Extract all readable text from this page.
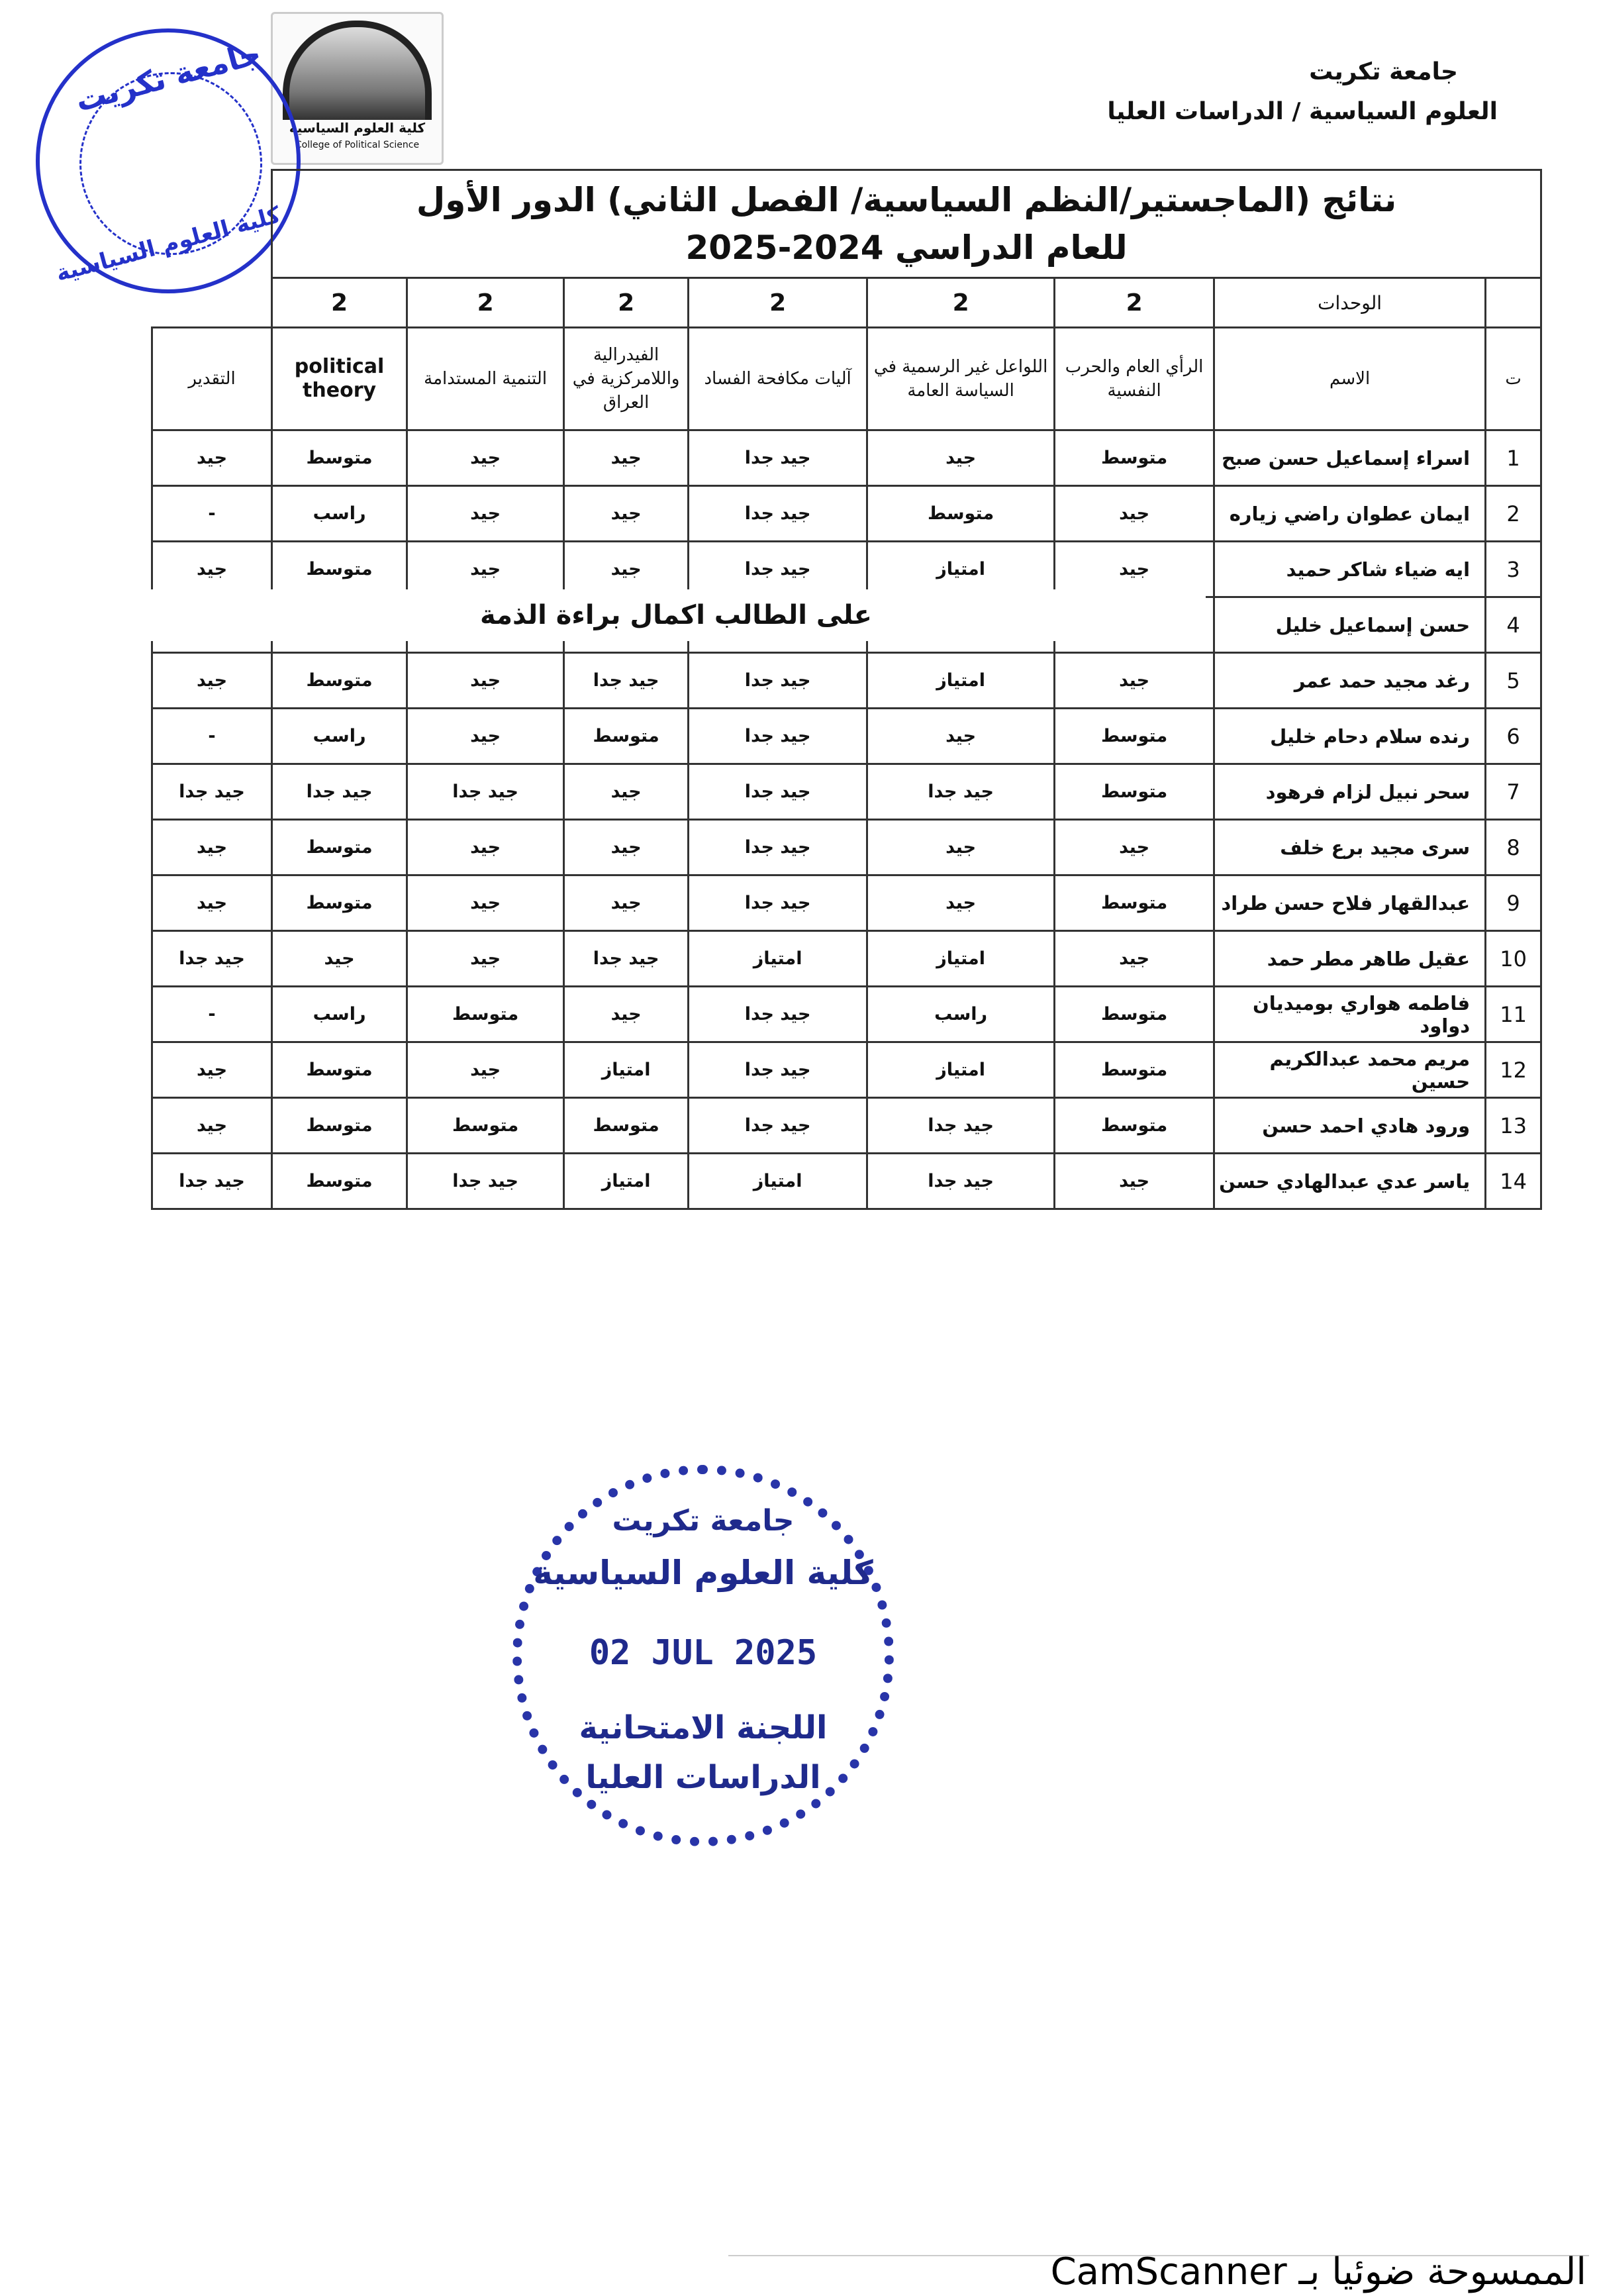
جامعة تكريت
العلوم السياسية / الدراسات العليا
كلية العلوم السياسية
College of Political Science
جامعة تكريت
كلية العلوم السياسية
نتائج (الماجستير/النظم السياسية/ الفصل الثاني) الدور الأول
للعام الدراسي 2024-2025								

	الوحدات	2	2	2	2	2	2	
ت	الاسم	الرأي العام والحرب النفسية	اللواعل غير الرسمية في السياسة العامة	آليات مكافحة الفساد	الفيدرالية واللامركزية في العراق	التنمية المستدامة	political theory	التقدير
1	اسراء إسماعيل حسن صبح	متوسط	جيد	جيد جدا	جيد	جيد	متوسط	جيد
2	ايمان عطوان راضي زياره	جيد	متوسط	جيد جدا	جيد	جيد	راسب	-
3	ايه ضياء شاكر حميد	جيد	امتياز	جيد جدا	جيد	جيد	متوسط	جيد
4	حسن إسماعيل خليل							
5	رغد مجيد حمد عمر	جيد	امتياز	جيد جدا	جيد جدا	جيد	متوسط	جيد
6	رنده سلام دحام خليل	متوسط	جيد	جيد جدا	متوسط	جيد	راسب	-
7	سحر نبيل لزام فرهود	متوسط	جيد جدا	جيد جدا	جيد	جيد جدا	جيد جدا	جيد جدا
8	سرى مجيد برع خلف	جيد	جيد	جيد جدا	جيد	جيد	متوسط	جيد
9	عبدالقهار فلاح حسن طراد	متوسط	جيد	جيد جدا	جيد	جيد	متوسط	جيد
10	عقيل طاهر مطر حمد	جيد	امتياز	امتياز	جيد جدا	جيد	جيد	جيد جدا
11	فاطمه هواري بوميديان دواود	متوسط	راسب	جيد جدا	جيد	متوسط	راسب	-
12	مريم محمد عبدالكريم حسين	متوسط	امتياز	جيد جدا	امتياز	جيد	متوسط	جيد
13	ورود هادي احمد حسن	متوسط	جيد جدا	جيد جدا	متوسط	متوسط	متوسط	جيد
14	ياسر عدي عبدالهادي حسن	جيد	جيد جدا	امتياز	امتياز	جيد جدا	متوسط	جيد جدا
على الطالب اكمال براءة الذمة
جامعة تكريت
كلية العلوم السياسية
02 JUL 2025
اللجنة الامتحانية
الدراسات العليا
الممسوحة ضوئيا بـ CamScanner
